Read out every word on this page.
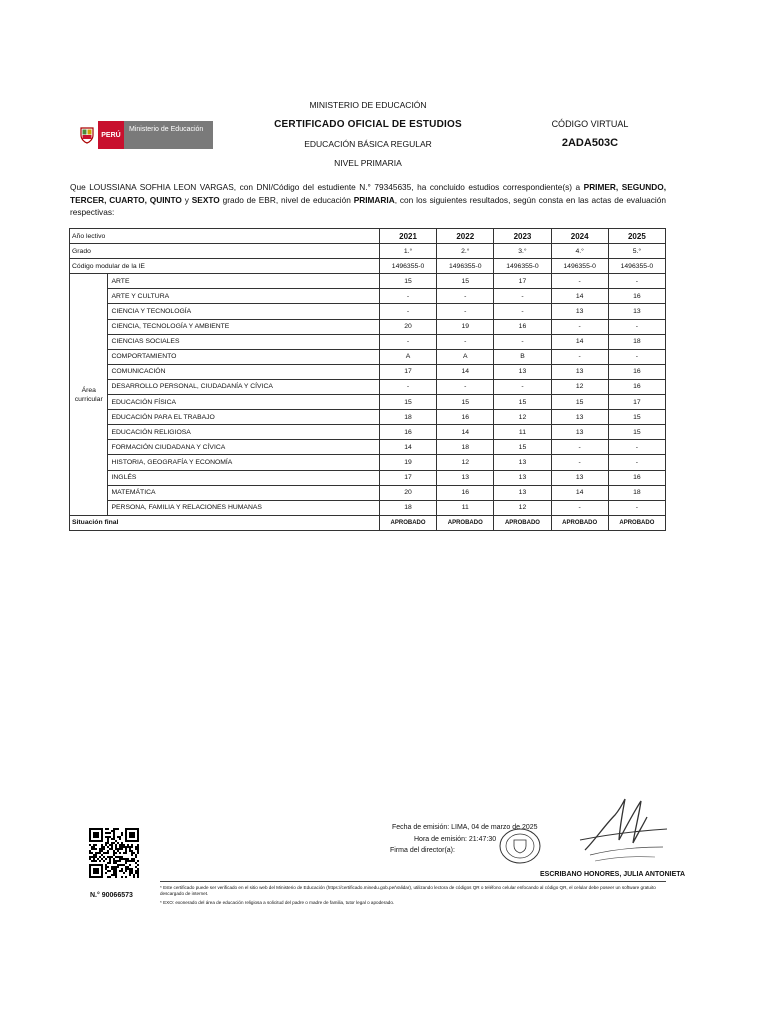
PERÚ
Ministerio de Educación
MINISTERIO DE EDUCACIÓN
CERTIFICADO OFICIAL DE ESTUDIOS
EDUCACIÓN BÁSICA REGULAR
NIVEL PRIMARIA
CÓDIGO VIRTUAL
2ADA503C
Que LOUSSIANA SOFHIA LEON VARGAS, con DNI/Código del estudiente N.° 79345635, ha concluido estudios correspondiente(s) a PRIMER, SEGUNDO, TERCER, CUARTO, QUINTO y SEXTO grado de EBR, nivel de educación PRIMARIA, con los siguientes resultados, según consta en las actas de evaluación respectivas:
Año lectivo		2021	2022	2023	2024	2025
Grado		1.°	2.°	3.°	4.°	5.°
Código modular de la IE		1496355-0	1496355-0	1496355-0	1496355-0	1496355-0
Área curricular	ARTE	15	15	17	-	-
	ARTE Y CULTURA	-	-	-	14	16
	CIENCIA Y TECNOLOGÍA	-	-	-	13	13
	CIENCIA, TECNOLOGÍA Y AMBIENTE	20	19	16	-	-
	CIENCIAS SOCIALES	-	-	-	14	18
	COMPORTAMIENTO	A	A	B	-	-
	COMUNICACIÓN	17	14	13	13	16
	DESARROLLO PERSONAL, CIUDADANÍA Y CÍVICA	-	-	-	12	16
	EDUCACIÓN FÍSICA	15	15	15	15	17
	EDUCACIÓN PARA EL TRABAJO	18	16	12	13	15
	EDUCACIÓN RELIGIOSA	16	14	11	13	15
	FORMACIÓN CIUDADANA Y CÍVICA	14	18	15	-	-
	HISTORIA, GEOGRAFÍA Y ECONOMÍA	19	12	13	-	-
	INGLÉS	17	13	13	13	16
	MATEMÁTICA	20	16	13	14	18
	PERSONA, FAMILIA Y RELACIONES HUMANAS	18	11	12	-	-
Situación final		APROBADO	APROBADO	APROBADO	APROBADO	APROBADO
N.° 90066573
Fecha de emisión: LIMA, 04 de marzo de 2025
Hora de emisión: 21:47:30
Firma del director(a):
ESCRIBANO HONORES, JULIA ANTONIETA
* Este certificado puede ser verificado en el sitio web del Ministerio de Educación (https://certificado.minedu.gob.pe/Validar), utilizando lectora de códigos QR o teléfono celular enfocando al código QR, el celular debe poseer un software gratuito descargado de internet.
* EXO: exonerado del área de educación religiosa a solicitud del padre o madre de familia, tutor legal o apoderado.
